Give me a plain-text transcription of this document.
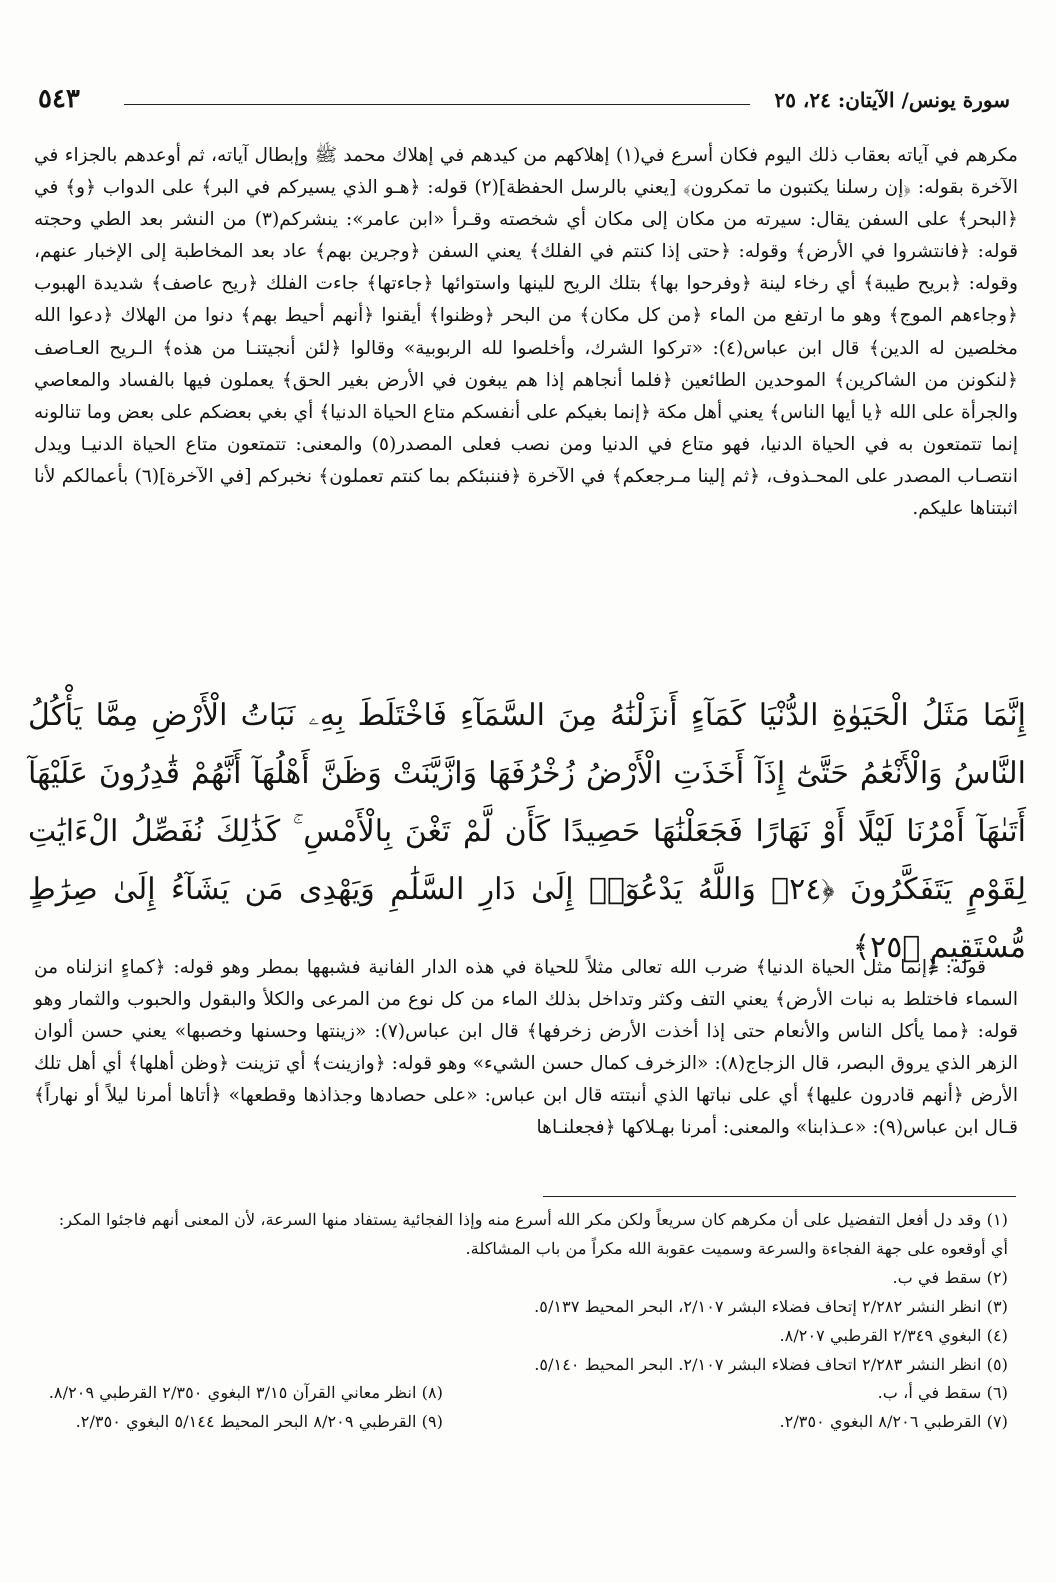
سورة يونس/ الآيتان: ٢٤، ٢٥
٥٤٣
مكرهم في آياته بعقاب ذلك اليوم فكان أسرع في(١) إهلاكهم من كيدهم في إهلاك محمد ﷺ وإبطال آياته، ثم أوعدهم بالجزاء في الآخرة بقوله: ﴿إن رسلنا يكتبون ما تمكرون﴾ [يعني بالرسل الحفظة](٢) قوله: ﴿هـو الذي يسيركم في البر﴾ على الدواب ﴿و﴾ في ﴿البحر﴾ على السفن يقال: سيرته من مكان إلى مكان أي شخصته وقـرأ «ابن عامر»: ينشركم(٣) من النشر بعد الطي وحجته قوله: ﴿فانتشروا في الأرض﴾ وقوله: ﴿حتى إذا كنتم في الفلك﴾ يعني السفن ﴿وجرين بهم﴾ عاد بعد المخاطبة إلى الإخبار عنهم، وقوله: ﴿بريح طيبة﴾ أي رخاء لينة ﴿وفرحوا بها﴾ بتلك الريح للينها واستوائها ﴿جاءتها﴾ جاءت الفلك ﴿ريح عاصف﴾ شديدة الهبوب ﴿وجاءهم الموج﴾ وهو ما ارتفع من الماء ﴿من كل مكان﴾ من البحر ﴿وظنوا﴾ أيقنوا ﴿أنهم أحيط بهم﴾ دنوا من الهلاك ﴿دعوا الله مخلصين له الدين﴾ قال ابن عباس(٤): «تركوا الشرك، وأخلصوا لله الربوبية» وقالوا ﴿لئن أنجيتنـا من هذه﴾ الـريح العـاصف ﴿لنكونن من الشاكرين﴾ الموحدين الطائعين ﴿فلما أنجاهم إذا هم يبغون في الأرض بغير الحق﴾ يعملون فيها بالفساد والمعاصي والجرأة على الله ﴿يا أيها الناس﴾ يعني أهل مكة ﴿إنما بغيكم على أنفسكم متاع الحياة الدنيا﴾ أي بغي بعضكم على بعض وما تنالونه إنما تتمتعون به في الحياة الدنيا، فهو متاع في الدنيا ومن نصب فعلى المصدر(٥) والمعنى: تتمتعون متاع الحياة الدنيـا ويدل انتصـاب المصدر على المحـذوف، ﴿ثم إلينا مـرجعكم﴾ في الآخرة ﴿فننبئكم بما كنتم تعملون﴾ نخبركم [في الآخرة](٦) بأعمالكم لأنا اثبتناها عليكم.
إِنَّمَا مَثَلُ الْحَيَوٰةِ الدُّنْيَا كَمَآءٍ أَنزَلْنَٰهُ مِنَ السَّمَآءِ فَاخْتَلَطَ بِهِۦ نَبَاتُ الْأَرْضِ مِمَّا يَأْكُلُ النَّاسُ وَالْأَنْعَٰمُ حَتَّىٰٓ إِذَآ أَخَذَتِ الْأَرْضُ زُخْرُفَهَا وَازَّيَّنَتْ وَظَنَّ أَهْلُهَآ أَنَّهُمْ قَٰدِرُونَ عَلَيْهَآ أَتَىٰهَآ أَمْرُنَا لَيْلًا أَوْ نَهَارًا فَجَعَلْنَٰهَا حَصِيدًا كَأَن لَّمْ تَغْنَ بِالْأَمْسِ ۚ كَذَٰلِكَ نُفَصِّلُ الْءَايَٰتِ لِقَوْمٍ يَتَفَكَّرُونَ ﴿٢٤﴾ وَاللَّهُ يَدْعُوٓا۟ إِلَىٰ دَارِ السَّلَٰمِ وَيَهْدِى مَن يَشَآءُ إِلَىٰ صِرَٰطٍ مُّسْتَقِيمٍ ﴿٢٥﴾

قوله: ﴿إنما مثل الحياة الدنيا﴾ ضرب الله تعالى مثلاً للحياة في هذه الدار الفانية فشبهها بمطر وهو قوله: ﴿كماءٍ انزلناه من السماء فاختلط به نبات الأرض﴾ يعني التف وكثر وتداخل بذلك الماء من كل نوع من المرعى والكلأ والبقول والحبوب والثمار وهو قوله: ﴿مما يأكل الناس والأنعام حتى إذا أخذت الأرض زخرفها﴾ قال ابن عباس(٧): «زينتها وحسنها وخصبها» يعني حسن ألوان الزهر الذي يروق البصر، قال الزجاج(٨): «الزخرف كمال حسن الشيء» وهو قوله: ﴿وازينت﴾ أي تزينت ﴿وظن أهلها﴾ أي أهل تلك الأرض ﴿أنهم قادرون عليها﴾ أي على نباتها الذي أنبتته قال ابن عباس: «على حصادها وجذاذها وقطعها» ﴿أتاها أمرنا ليلاً أو نهاراً﴾ قـال ابن عباس(٩): «عـذابنا» والمعنى: أمرنا بهـلاكها ﴿فجعلنـاها

(١) وقد دل أفعل التفضيل على أن مكرهم كان سريعاً ولكن مكر الله أسرع منه وإذا الفجائية يستفاد منها السرعة، لأن المعنى أنهم فاجئوا المكر: أي أوقعوه على جهة الفجاءة والسرعة وسميت عقوبة الله مكراً من باب المشاكلة.
(٢) سقط في ب.
(٣) انظر النشر ٢/٢٨٢ إتحاف فضلاء البشر ٢/١٠٧، البحر المحيط ٥/١٣٧.
(٤) البغوي ٢/٣٤٩ القرطبي ٨/٢٠٧.
(٥) انظر النشر ٢/٢٨٣ اتحاف فضلاء البشر ٢/١٠٧. البحر المحيط ٥/١٤٠.
(٦) سقط في أ، ب.
(٨) انظر معاني القرآن ٣/١٥ البغوي ٢/٣٥٠ القرطبي ٨/٢٠٩.
(٧) القرطبي ٨/٢٠٦ البغوي ٢/٣٥٠.
(٩) القرطبي ٨/٢٠٩ البحر المحيط ٥/١٤٤ البغوي ٢/٣٥٠.
